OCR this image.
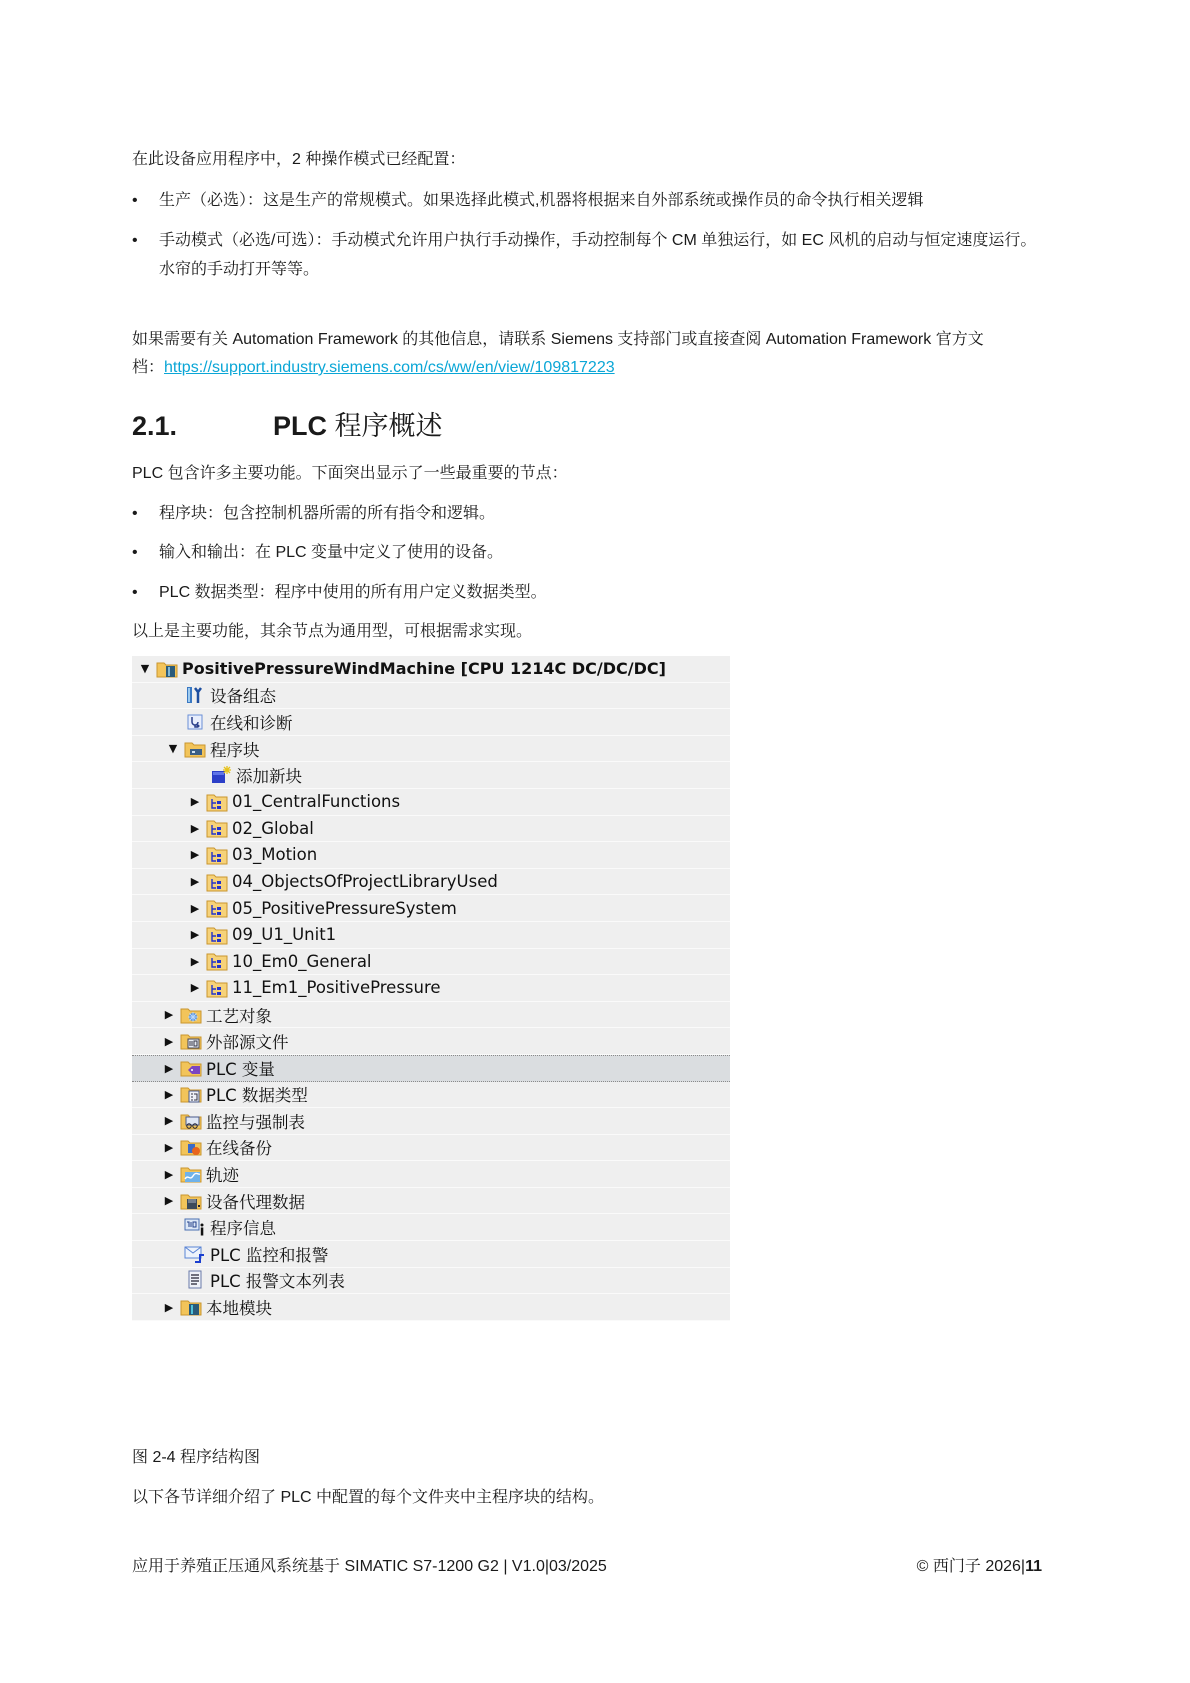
在此设备应用程序中，2 种操作模式已经配置：
•	生产（必选）：这是生产的常规模式。如果选择此模式,机器将根据来自外部系统或操作员的命令执行相关逻辑
•	手动模式（必选/可选）：手动模式允许用户执行手动操作，手动控制每个 CM 单独运行，如 EC 风机的启动与恒定速度运行。水帘的手动打开等等。
如果需要有关 Automation Framework 的其他信息，请联系 Siemens 支持部门或直接查阅 Automation Framework 官方文
档：https://support.industry.siemens.com/cs/ww/en/view/109817223
2.1.	PLC 程序概述
PLC 包含许多主要功能。下面突出显示了一些最重要的节点：
•	程序块：包含控制机器所需的所有指令和逻辑。
•	输入和输出：在 PLC 变量中定义了使用的设备。
•	PLC 数据类型：程序中使用的所有用户定义数据类型。
以上是主要功能，其余节点为通用型，可根据需求实现。
▼ PositivePressureWindMachine [CPU 1214C DC/DC/DC]
设备组态
在线和诊断
▼ 程序块
添加新块
▶ 01_CentralFunctions
▶ 02_Global
▶ 03_Motion
▶ 04_ObjectsOfProjectLibraryUsed
▶ 05_PositivePressureSystem
▶ 09_U1_Unit1
▶ 10_Em0_General
▶ 11_Em1_PositivePressure
▶ 工艺对象
▶ 外部源文件
▶ PLC 变量
▶ PLC 数据类型
▶ 监控与强制表
▶ 在线备份
▶ 轨迹
▶ 设备代理数据
程序信息
PLC 监控和报警
PLC 报警文本列表
▶ 本地模块
图 2-4 程序结构图
以下各节详细介绍了 PLC 中配置的每个文件夹中主程序块的结构。
应用于养殖正压通风系统基于 SIMATIC S7-1200 G2 | V1.0|03/2025	© 西门子 2026|11
